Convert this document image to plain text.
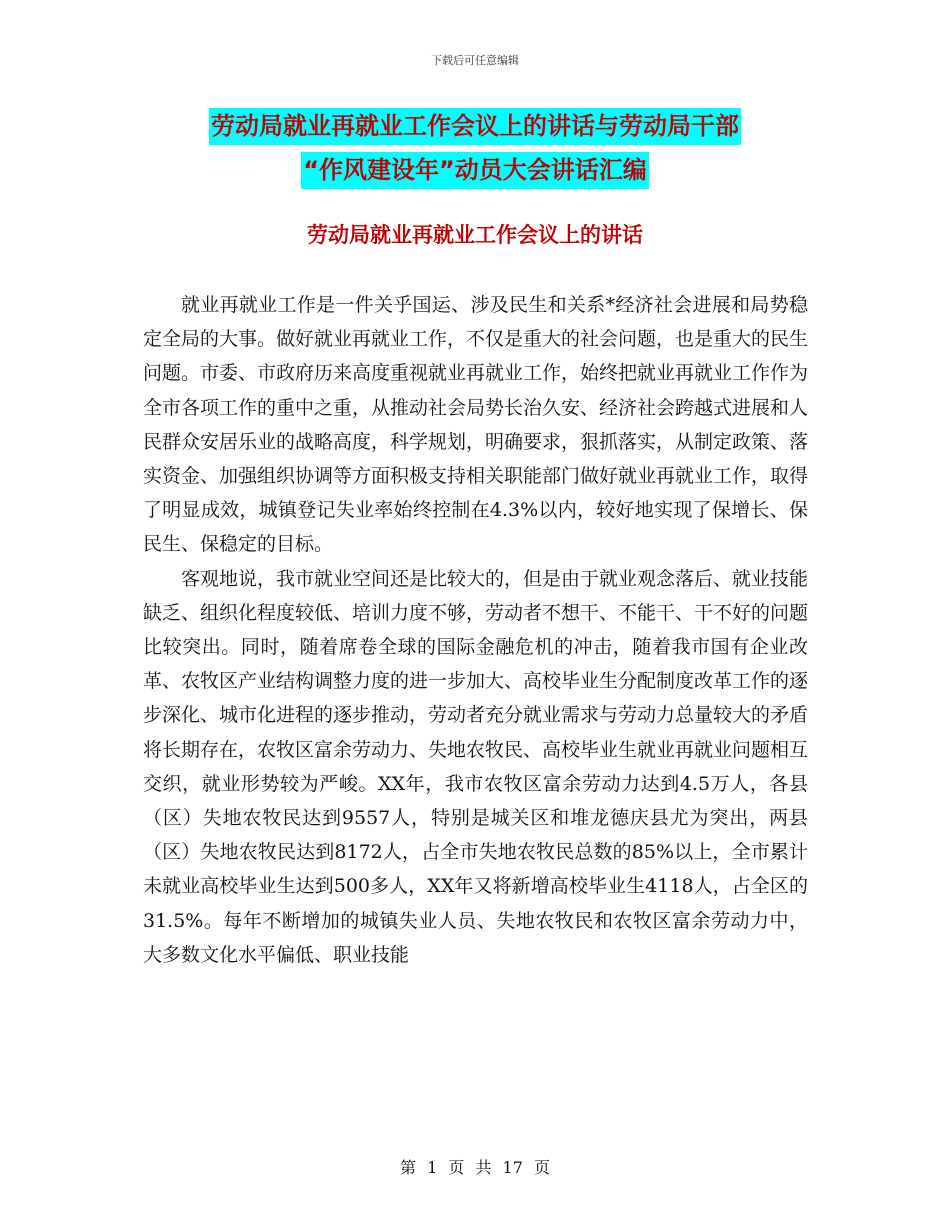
下载后可任意编辑
劳动局就业再就业工作会议上的讲话与劳动局干部
“作风建设年”动员大会讲话汇编
劳动局就业再就业工作会议上的讲话

就业再就业工作是一件关乎国运、涉及民生和关系*经济社会进展和局势稳定全局的大事。做好就业再就业工作，不仅是重大的社会问题，也是重大的民生问题。市委、市政府历来高度重视就业再就业工作，始终把就业再就业工作作为全市各项工作的重中之重，从推动社会局势长治久安、经济社会跨越式进展和人民群众安居乐业的战略高度，科学规划，明确要求，狠抓落实，从制定政策、落实资金、加强组织协调等方面积极支持相关职能部门做好就业再就业工作，取得了明显成效，城镇登记失业率始终控制在4.3%以内，较好地实现了保增长、保民生、保稳定的目标。

客观地说，我市就业空间还是比较大的，但是由于就业观念落后、就业技能缺乏、组织化程度较低、培训力度不够，劳动者不想干、不能干、干不好的问题比较突出。同时，随着席卷全球的国际金融危机的冲击，随着我市国有企业改革、农牧区产业结构调整力度的进一步加大、高校毕业生分配制度改革工作的逐步深化、城市化进程的逐步推动，劳动者充分就业需求与劳动力总量较大的矛盾将长期存在，农牧区富余劳动力、失地农牧民、高校毕业生就业再就业问题相互交织，就业形势较为严峻。XX年，我市农牧区富余劳动力达到4.5万人，各县（区）失地农牧民达到9557人，特别是城关区和堆龙德庆县尤为突出，两县（区）失地农牧民达到8172人，占全市失地农牧民总数的85%以上，全市累计未就业高校毕业生达到500多人，XX年又将新增高校毕业生4118人，占全区的31.5%。每年不断增加的城镇失业人员、失地农牧民和农牧区富余劳动力中，大多数文化水平偏低、职业技能

第 1 页 共 17 页
